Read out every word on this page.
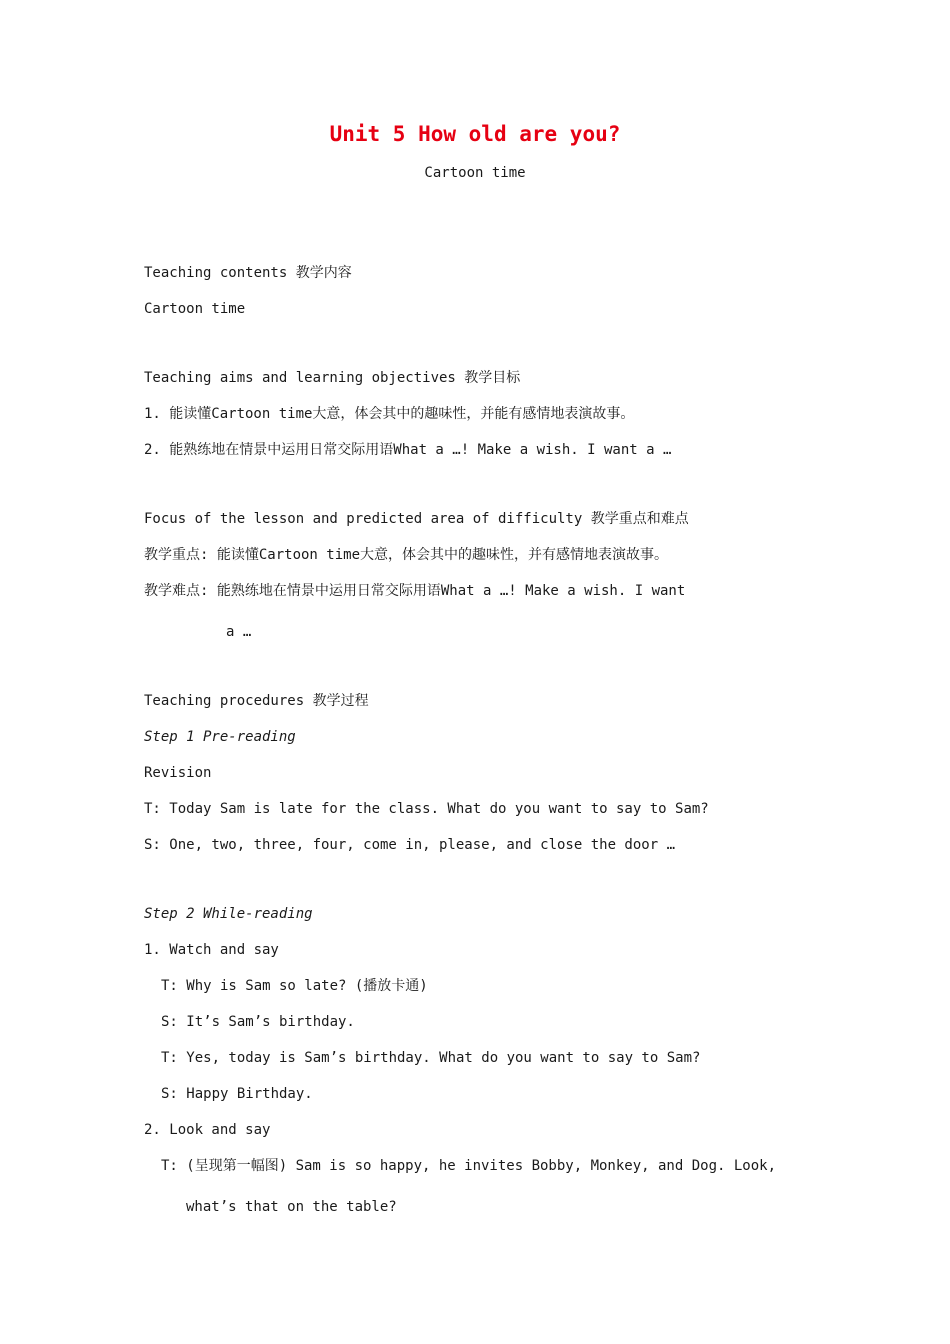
Unit 5 How old are you?
Cartoon time
Teaching contents 教学内容
Cartoon time
Teaching aims and learning objectives 教学目标
1. 能读懂Cartoon time大意，体会其中的趣味性，并能有感情地表演故事。
2. 能熟练地在情景中运用日常交际用语What a …! Make a wish. I want a …
Focus of the lesson and predicted area of difficulty 教学重点和难点
教学重点: 能读懂Cartoon time大意，体会其中的趣味性，并有感情地表演故事。
教学难点: 能熟练地在情景中运用日常交际用语What a …! Make a wish. I want
a …
Teaching procedures 教学过程
Step 1 Pre-reading
Revision
T: Today Sam is late for the class. What do you want to say to Sam?
S: One, two, three, four, come in, please, and close the door …
Step 2 While-reading
1. Watch and say
T: Why is Sam so late? (播放卡通)
S: It’s Sam’s birthday.
T: Yes, today is Sam’s birthday. What do you want to say to Sam?
S: Happy Birthday.
2. Look and say
T: (呈现第一幅图) Sam is so happy, he invites Bobby, Monkey, and Dog. Look,
what’s that on the table?
